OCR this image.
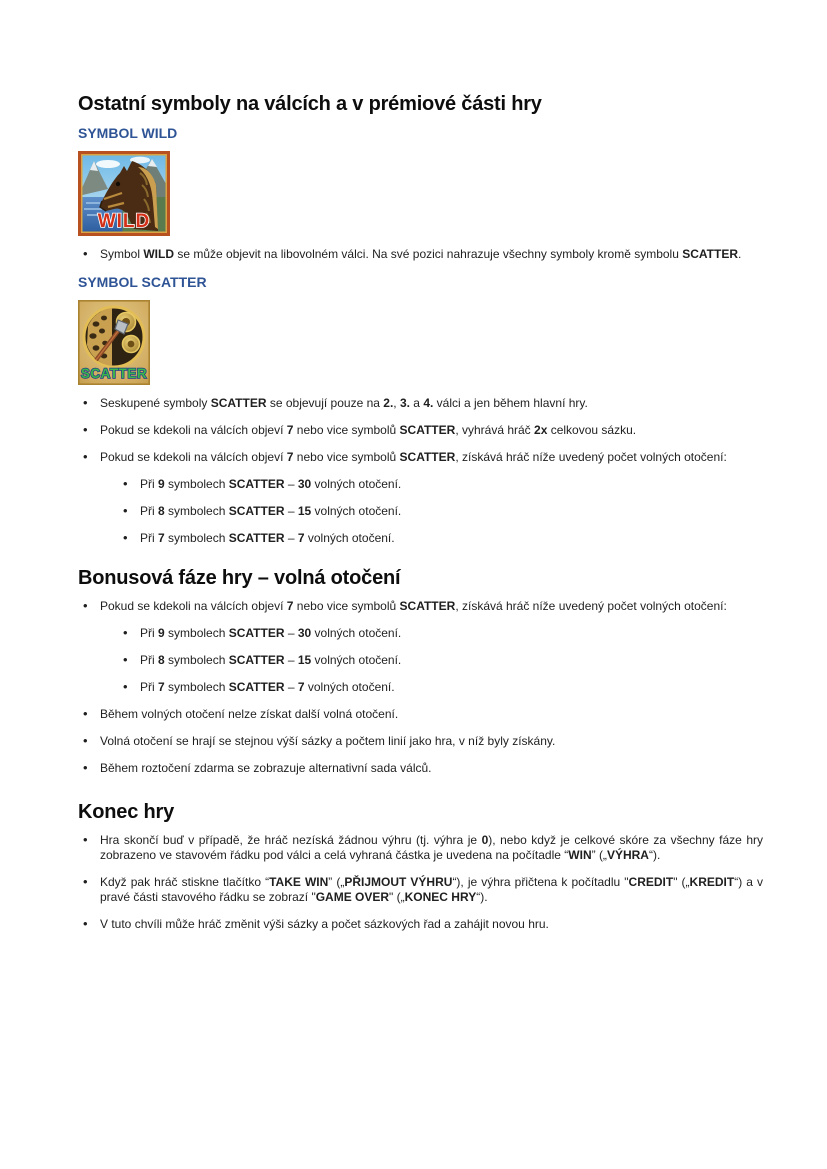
Ostatní symboly na válcích a v prémiové části hry
SYMBOL WILD
WILD
• Symbol WILD se může objevit na libovolném válci. Na své pozici nahrazuje všechny symboly kromě symbolu SCATTER.
SYMBOL SCATTER
SCATTER
• Seskupené symboly SCATTER se objevují pouze na 2., 3. a 4. válci a jen během hlavní hry.
• Pokud se kdekoli na válcích objeví 7 nebo vice symbolů SCATTER, vyhrává hráč 2x celkovou sázku.
• Pokud se kdekoli na válcích objeví 7 nebo vice symbolů SCATTER, získává hráč níže uvedený počet volných otočení:
• Při 9 symbolech SCATTER – 30 volných otočení.
• Při 8 symbolech SCATTER – 15 volných otočení.
• Při 7 symbolech SCATTER – 7 volných otočení.
Bonusová fáze hry – volná otočení
• Pokud se kdekoli na válcích objeví 7 nebo vice symbolů SCATTER, získává hráč níže uvedený počet volných otočení:
• Při 9 symbolech SCATTER – 30 volných otočení.
• Při 8 symbolech SCATTER – 15 volných otočení.
• Při 7 symbolech SCATTER – 7 volných otočení.
• Během volných otočení nelze získat další volná otočení.
• Volná otočení se hrají se stejnou výší sázky a počtem linií jako hra, v níž byly získány.
• Během roztočení zdarma se zobrazuje alternativní sada válců.
Konec hry
• Hra skončí buď v případě, že hráč nezíská žádnou výhru (tj. výhra je 0), nebo když je celkové skóre za všechny fáze hry zobrazeno ve stavovém řádku pod válci a celá vyhraná částka je uvedena na počítadle “WIN” („VÝHRA“).
• Když pak hráč stiskne tlačítko “TAKE WIN” („PŘIJMOUT VÝHRU“), je výhra přičtena k počítadlu "CREDIT" („KREDIT“) a v pravé části stavového řádku se zobrazí "GAME OVER" („KONEC HRY“).
• V tuto chvíli může hráč změnit výši sázky a počet sázkových řad a zahájit novou hru.
